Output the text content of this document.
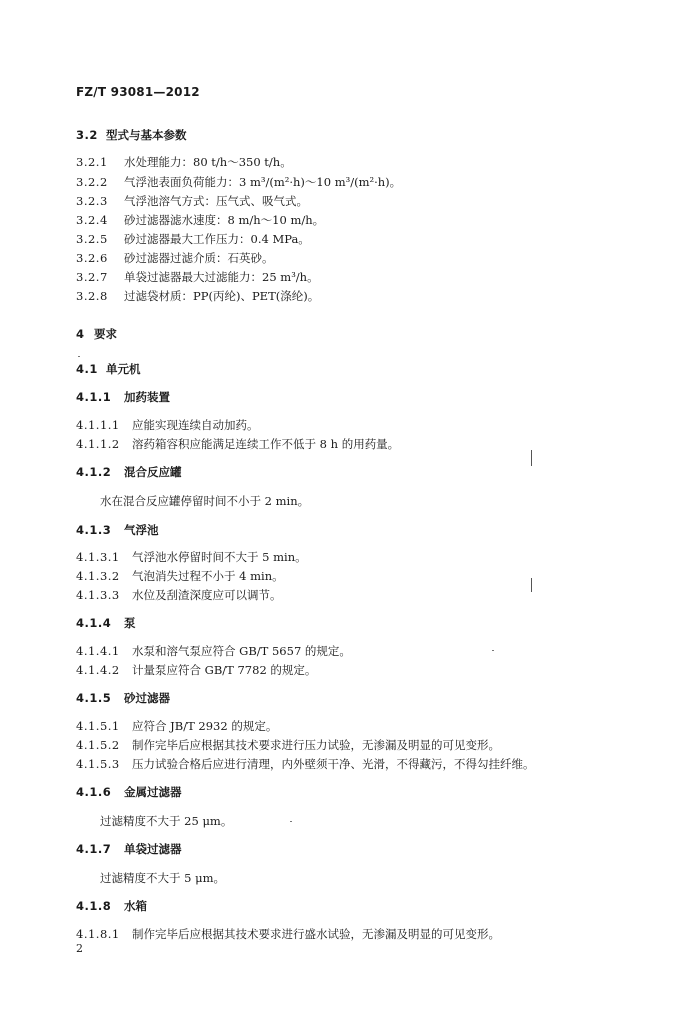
FZ/T 93081—2012
3.2 型式与基本参数
3.2.1 水处理能力：80 t/h～350 t/h。
3.2.2 气浮池表面负荷能力：3 m³/(m²·h)～10 m³/(m²·h)。
3.2.3 气浮池溶气方式：压气式、吸气式。
3.2.4 砂过滤器滤水速度：8 m/h～10 m/h。
3.2.5 砂过滤器最大工作压力：0.4 MPa。
3.2.6 砂过滤器过滤介质：石英砂。
3.2.7 单袋过滤器最大过滤能力：25 m³/h。
3.2.8 过滤袋材质：PP(丙纶)、PET(涤纶)。
4 要求
4.1 单元机
4.1.1 加药装置
4.1.1.1 应能实现连续自动加药。
4.1.1.2 溶药箱容积应能满足连续工作不低于 8 h 的用药量。
4.1.2 混合反应罐
水在混合反应罐停留时间不小于 2 min。
4.1.3 气浮池
4.1.3.1 气浮池水停留时间不大于 5 min。
4.1.3.2 气泡消失过程不小于 4 min。
4.1.3.3 水位及刮渣深度应可以调节。
4.1.4 泵
4.1.4.1 水泵和溶气泵应符合 GB/T 5657 的规定。
4.1.4.2 计量泵应符合 GB/T 7782 的规定。
4.1.5 砂过滤器
4.1.5.1 应符合 JB/T 2932 的规定。
4.1.5.2 制作完毕后应根据其技术要求进行压力试验，无渗漏及明显的可见变形。
4.1.5.3 压力试验合格后应进行清理，内外壁须干净、光滑，不得藏污，不得勾挂纤维。
4.1.6 金属过滤器
过滤精度不大于 25 μm。
4.1.7 单袋过滤器
过滤精度不大于 5 μm。
4.1.8 水箱
4.1.8.1 制作完毕后应根据其技术要求进行盛水试验，无渗漏及明显的可见变形。
2
